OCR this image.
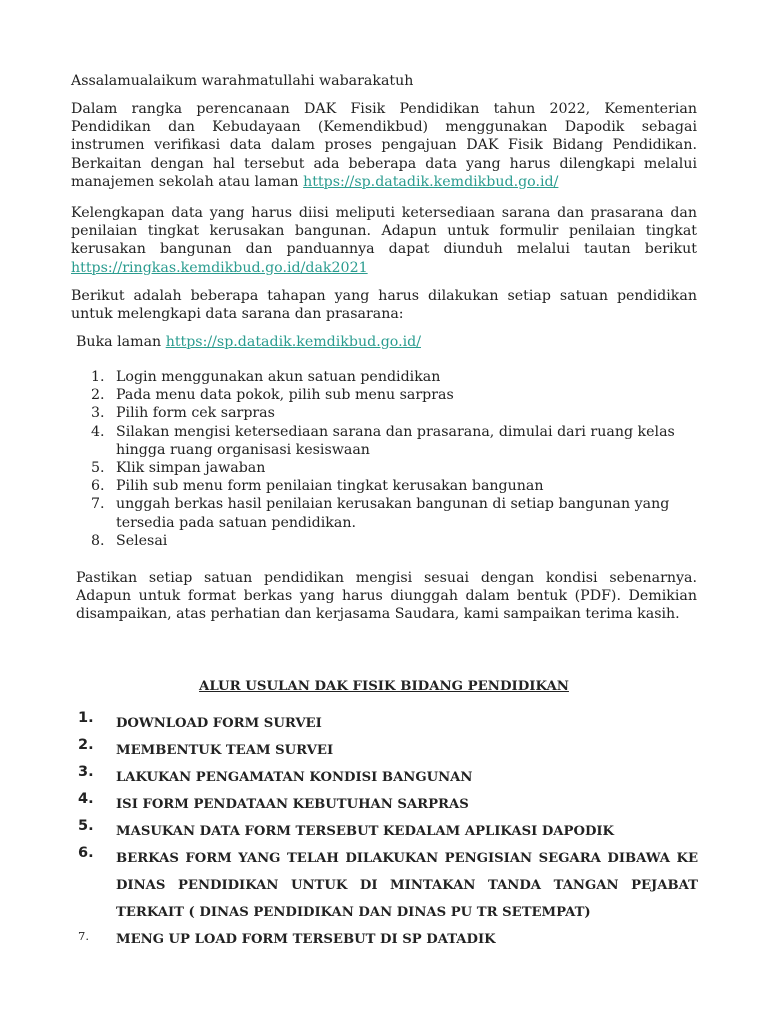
Assalamualaikum warahmatullahi wabarakatuh
Dalam rangka perencanaan DAK Fisik Pendidikan tahun 2022, Kementerian Pendidikan dan Kebudayaan (Kemendikbud) menggunakan Dapodik sebagai instrumen verifikasi data dalam proses pengajuan DAK Fisik Bidang Pendidikan. Berkaitan dengan hal tersebut ada beberapa data yang harus dilengkapi melalui manajemen sekolah atau laman https://sp.datadik.kemdikbud.go.id/
Kelengkapan data yang harus diisi meliputi ketersediaan sarana dan prasarana dan penilaian tingkat kerusakan bangunan. Adapun untuk formulir penilaian tingkat kerusakan bangunan dan panduannya dapat diunduh melalui tautan berikut https://ringkas.kemdikbud.go.id/dak2021
Berikut adalah beberapa tahapan yang harus dilakukan setiap satuan pendidikan untuk melengkapi data sarana dan prasarana:
Buka laman https://sp.datadik.kemdikbud.go.id/
1. Login menggunakan akun satuan pendidikan
2. Pada menu data pokok, pilih sub menu sarpras
3. Pilih form cek sarpras
4. Silakan mengisi ketersediaan sarana dan prasarana, dimulai dari ruang kelas hingga ruang organisasi kesiswaan
5. Klik simpan jawaban
6. Pilih sub menu form penilaian tingkat kerusakan bangunan
7. unggah berkas hasil penilaian kerusakan bangunan di setiap bangunan yang tersedia pada satuan pendidikan.
8. Selesai
Pastikan setiap satuan pendidikan mengisi sesuai dengan kondisi sebenarnya. Adapun untuk format berkas yang harus diunggah dalam bentuk (PDF). Demikian disampaikan, atas perhatian dan kerjasama Saudara, kami sampaikan terima kasih.
ALUR USULAN DAK FISIK BIDANG PENDIDIKAN
1. DOWNLOAD FORM SURVEI
2. MEMBENTUK TEAM SURVEI
3. LAKUKAN PENGAMATAN KONDISI BANGUNAN
4. ISI FORM PENDATAAN KEBUTUHAN SARPRAS
5. MASUKAN DATA FORM TERSEBUT KEDALAM APLIKASI DAPODIK
6. BERKAS FORM YANG TELAH DILAKUKAN PENGISIAN SEGARA DIBAWA KE DINAS PENDIDIKAN UNTUK DI MINTAKAN TANDA TANGAN PEJABAT TERKAIT ( DINAS PENDIDIKAN DAN DINAS PU TR SETEMPAT)
7. MENG UP LOAD FORM TERSEBUT DI SP DATADIK
